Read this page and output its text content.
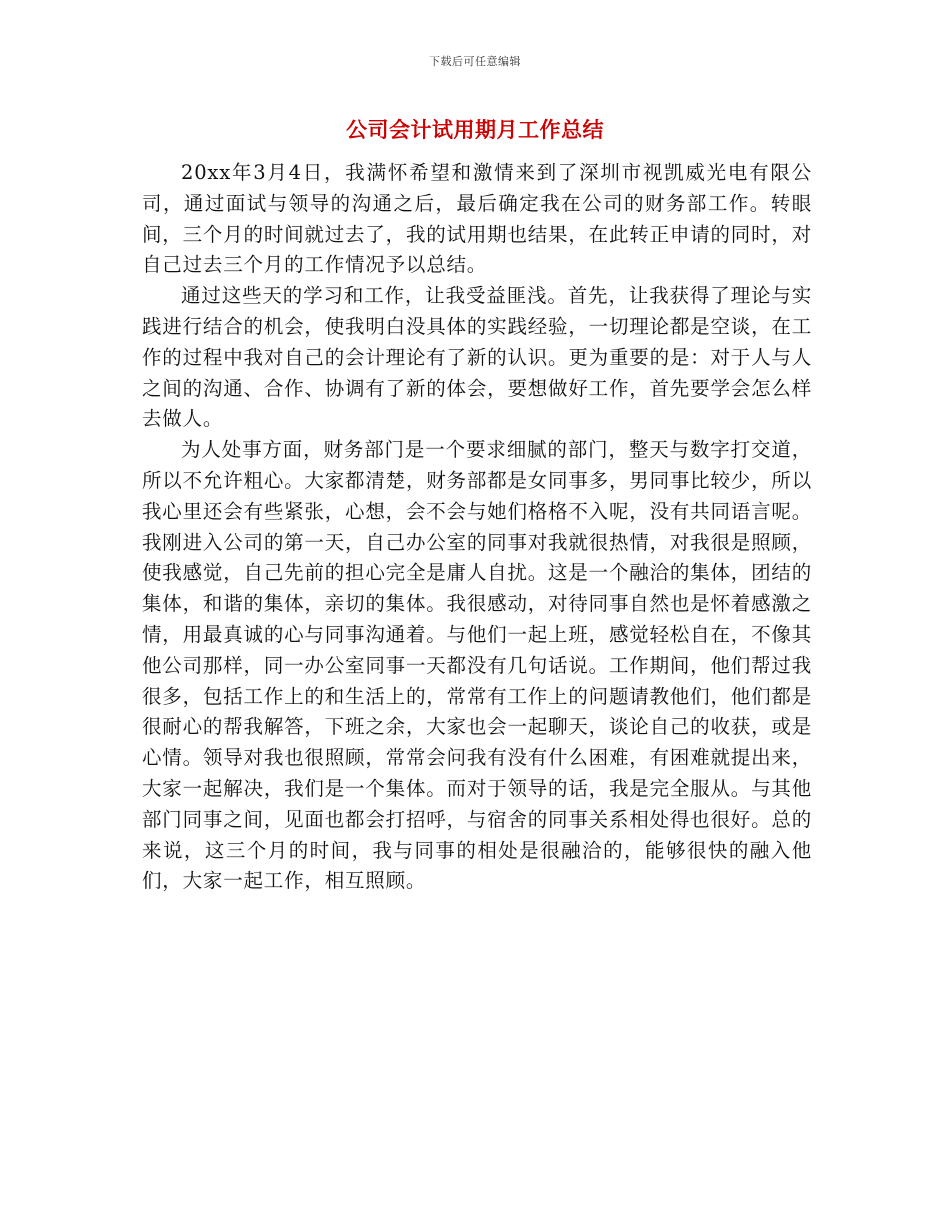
下载后可任意编辑
公司会计试用期月工作总结

20xx年3月4日，我满怀希望和激情来到了深圳市视凯威光电有限公司，通过面试与领导的沟通之后，最后确定我在公司的财务部工作。转眼间，三个月的时间就过去了，我的试用期也结果，在此转正申请的同时，对自己过去三个月的工作情况予以总结。

通过这些天的学习和工作，让我受益匪浅。首先，让我获得了理论与实践进行结合的机会，使我明白没具体的实践经验，一切理论都是空谈，在工作的过程中我对自己的会计理论有了新的认识。更为重要的是：对于人与人之间的沟通、合作、协调有了新的体会，要想做好工作，首先要学会怎么样去做人。

为人处事方面，财务部门是一个要求细腻的部门，整天与数字打交道，所以不允许粗心。大家都清楚，财务部都是女同事多，男同事比较少，所以我心里还会有些紧张，心想，会不会与她们格格不入呢，没有共同语言呢。我刚进入公司的第一天，自己办公室的同事对我就很热情，对我很是照顾，使我感觉，自己先前的担心完全是庸人自扰。这是一个融洽的集体，团结的集体，和谐的集体，亲切的集体。我很感动，对待同事自然也是怀着感激之情，用最真诚的心与同事沟通着。与他们一起上班，感觉轻松自在，不像其他公司那样，同一办公室同事一天都没有几句话说。工作期间，他们帮过我很多，包括工作上的和生活上的，常常有工作上的问题请教他们，他们都是很耐心的帮我解答，下班之余，大家也会一起聊天，谈论自己的收获，或是心情。领导对我也很照顾，常常会问我有没有什么困难，有困难就提出来，大家一起解决，我们是一个集体。而对于领导的话，我是完全服从。与其他部门同事之间，见面也都会打招呼，与宿舍的同事关系相处得也很好。总的来说，这三个月的时间，我与同事的相处是很融洽的，能够很快的融入他们，大家一起工作，相互照顾。
